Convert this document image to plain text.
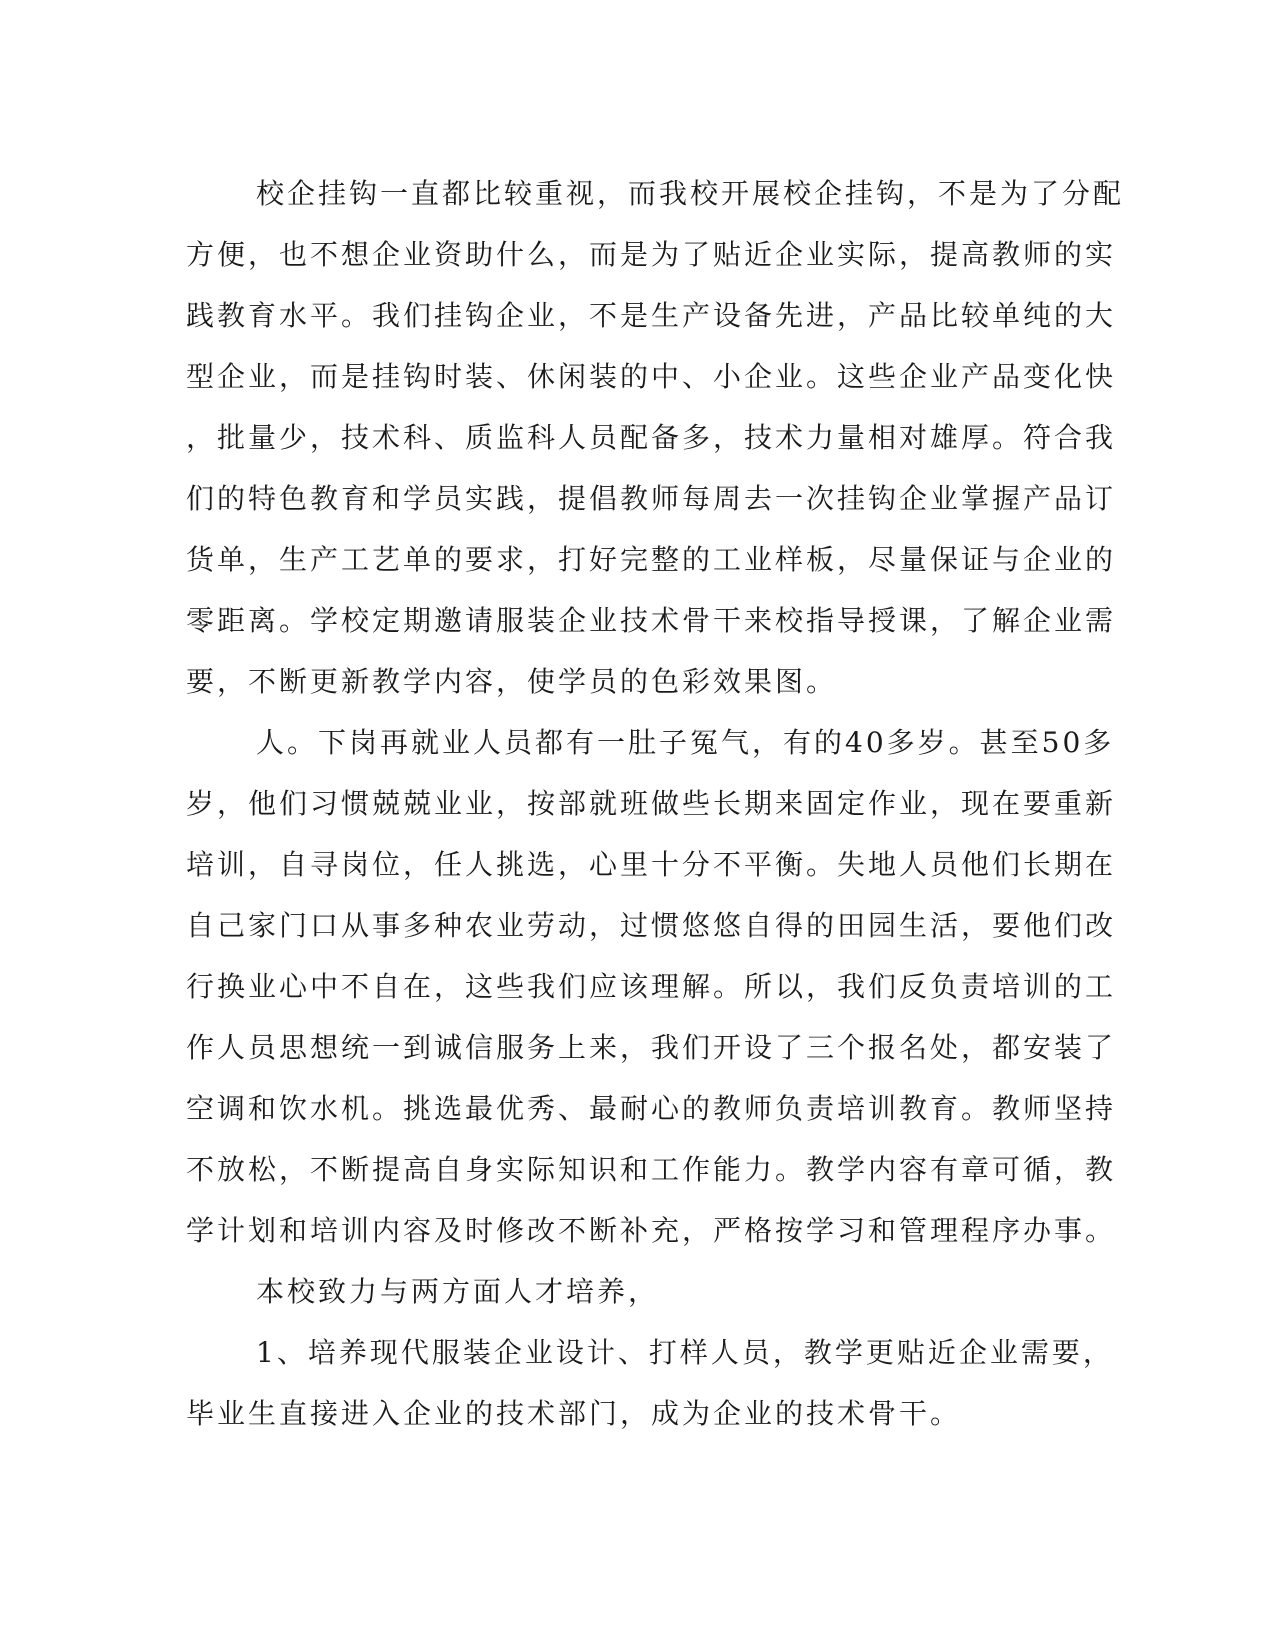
校企挂钩一直都比较重视，而我校开展校企挂钩，不是为了分配
方便，也不想企业资助什么，而是为了贴近企业实际，提高教师的实
践教育水平。我们挂钩企业，不是生产设备先进，产品比较单纯的大
型企业，而是挂钩时装、休闲装的中、小企业。这些企业产品变化快
，批量少，技术科、质监科人员配备多，技术力量相对雄厚。符合我
们的特色教育和学员实践，提倡教师每周去一次挂钩企业掌握产品订
货单，生产工艺单的要求，打好完整的工业样板，尽量保证与企业的
零距离。学校定期邀请服装企业技术骨干来校指导授课，了解企业需
要，不断更新教学内容，使学员的色彩效果图。
人。下岗再就业人员都有一肚子冤气，有的40多岁。甚至50多
岁，他们习惯兢兢业业，按部就班做些长期来固定作业，现在要重新
培训，自寻岗位，任人挑选，心里十分不平衡。失地人员他们长期在
自己家门口从事多种农业劳动，过惯悠悠自得的田园生活，要他们改
行换业心中不自在，这些我们应该理解。所以，我们反负责培训的工
作人员思想统一到诚信服务上来，我们开设了三个报名处，都安装了
空调和饮水机。挑选最优秀、最耐心的教师负责培训教育。教师坚持
不放松，不断提高自身实际知识和工作能力。教学内容有章可循，教
学计划和培训内容及时修改不断补充，严格按学习和管理程序办事。
本校致力与两方面人才培养，
1、培养现代服装企业设计、打样人员，教学更贴近企业需要，
毕业生直接进入企业的技术部门，成为企业的技术骨干。
